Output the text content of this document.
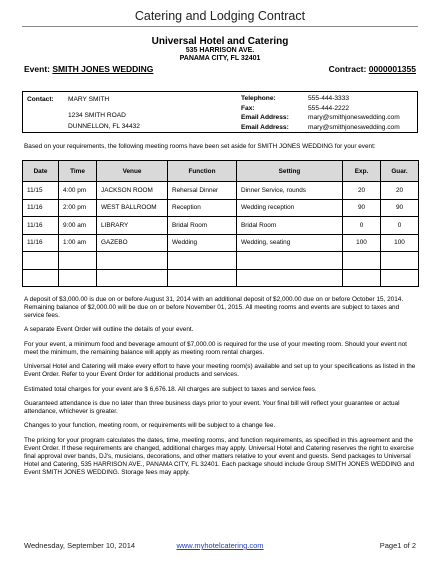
Catering and Lodging Contract
Universal Hotel and Catering
535 HARRISON AVE.
PANAMA CITY, FL 32401
Event: SMITH JONES WEDDING	Contract: 0000001355
Contact: MARY SMITH
1234 SMITH ROAD
DUNNELLON, FL 34432
Telephone:	555-444-3333
Fax:	555-444-2222
Email Address:	mary@smithjoneswedding.com
Email Address:	mary@smithjoneswedding.com
Based on your requirements, the following meeting rooms have been set aside for SMITH JONES WEDDING for your event:
Date	Time	Venue	Function	Setting	Exp.	Guar.
11/15	4:00 pm	JACKSON ROOM	Rehersal Dinner	Dinner Service, rounds	20	20
11/16	2:00 pm	WEST BALLROOM	Reception	Wedding reception	90	90
11/16	9:00 am	LIBRARY	Bridal Room	Bridal Room	0	0
11/16	1:00 am	GAZEBO	Wedding	Wedding, seating	100	100

A deposit of $3,000.00 is due on or before August 31, 2014 with an additional deposit of $2,000.00 due on or before October 15, 2014. Remaining balance of $2,000.00 will be due on or before November 01, 2015. All meeting rooms and events are subject to taxes and service fees.

A separate Event Order will outline the details of your event.

For your event, a minimum food and beverage amount of $7,000.00 is required for the use of your meeting room. Should your event not meet the minimum, the remaining balance will apply as meeting room rental charges.

Universal Hotel and Catering will make every effort to have your meeting room(s) available and set up to your specifications as listed in the Event Order. Refer to your Event Order for additional products and services.

Estimated total charges for your event are $ 6,676.18. All charges are subject to taxes and service fees.

Guaranteed attendance is due no later than three business days prior to your event. Your final bill will reflect your guarantee or actual attendance, whichever is greater.

Changes to your function, meeting room, or requirements will be subject to a change fee.

The pricing for your program calculates the dates, time, meeting rooms, and function requirements, as specified in this agreement and the Event Order. If these requirements are changed, additional charges may apply. Universal Hotel and Catering reserves the right to exercise final approval over bands, DJ's, musicians, decorations, and other matters relative to your event and guests. Send packages to Universal Hotel and Catering, 535 HARRISON AVE., PANAMA CITY, FL 32401. Each package should include Group SMITH JONES WEDDING and Event SMITH JONES WEDDING. Storage fees may apply.

Wednesday, September 10, 2014	www.myhotelcatering.com	Page1 of 2
